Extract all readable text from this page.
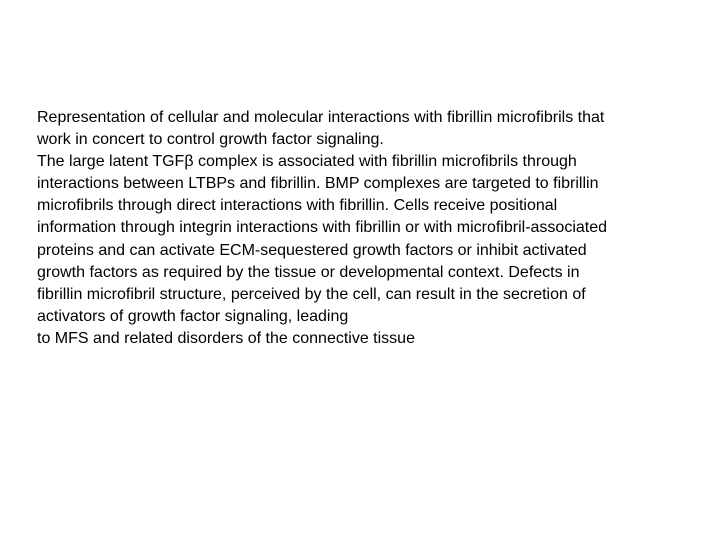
Representation of cellular and molecular interactions with fibrillin microfibrils that
work in concert to control growth factor signaling.
The large latent TGFβ complex is associated with fibrillin microfibrils through
interactions between LTBPs and fibrillin. BMP complexes are targeted to fibrillin
microfibrils through direct interactions with fibrillin. Cells receive positional
information through integrin interactions with fibrillin or with microfibril-associated
proteins and can activate ECM-sequestered growth factors or inhibit activated
growth factors as required by the tissue or developmental context. Defects in
fibrillin microfibril structure, perceived by the cell, can result in the secretion of
activators of growth factor signaling, leading
to MFS and related disorders of the connective tissue
